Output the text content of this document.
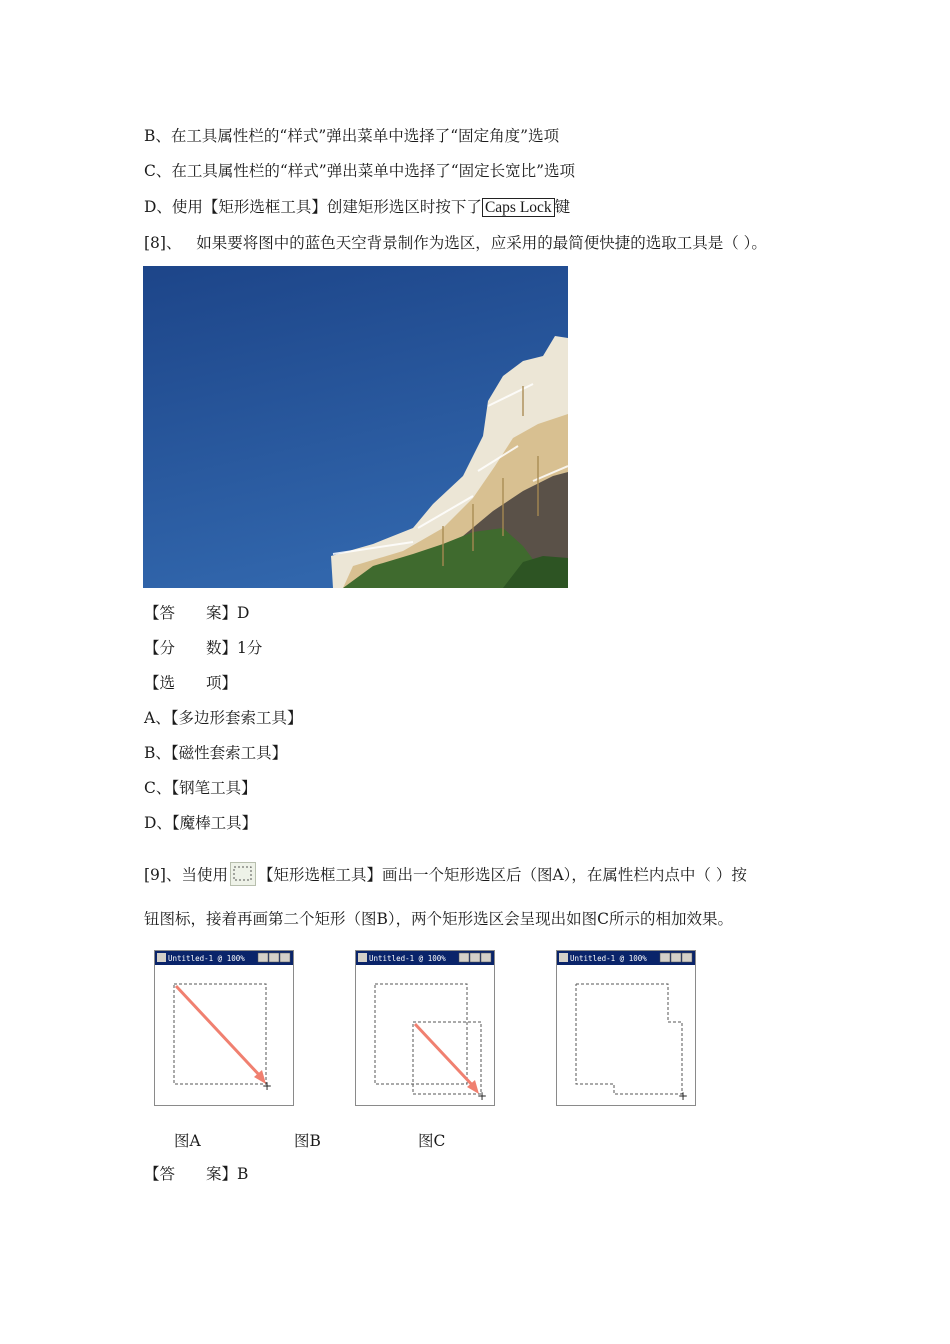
B、在工具属性栏的“样式”弹出菜单中选择了“固定角度”选项
C、在工具属性栏的“样式”弹出菜单中选择了“固定长宽比”选项
D、使用【矩形选框工具】创建矩形选区时按下了 Caps Lock 键
[8]、 如果要将图中的蓝色天空背景制作为选区，应采用的最简便快捷的选取工具是（ ）。
【答　　案】D
【分　　数】1分
【选　　项】
A、【多边形套索工具】
B、【磁性套索工具】
C、【钢笔工具】
D、【魔棒工具】
[9]、当使用 【矩形选框工具】画出一个矩形选区后（图A），在属性栏内点中（ ）按
钮图标，接着再画第二个矩形（图B），两个矩形选区会呈现出如图C所示的相加效果。
Untitled-1 @ 100%
+
Untitled-1 @ 100%
+
Untitled-1 @ 100%
+
图A	图B	图C
【答　　案】B
